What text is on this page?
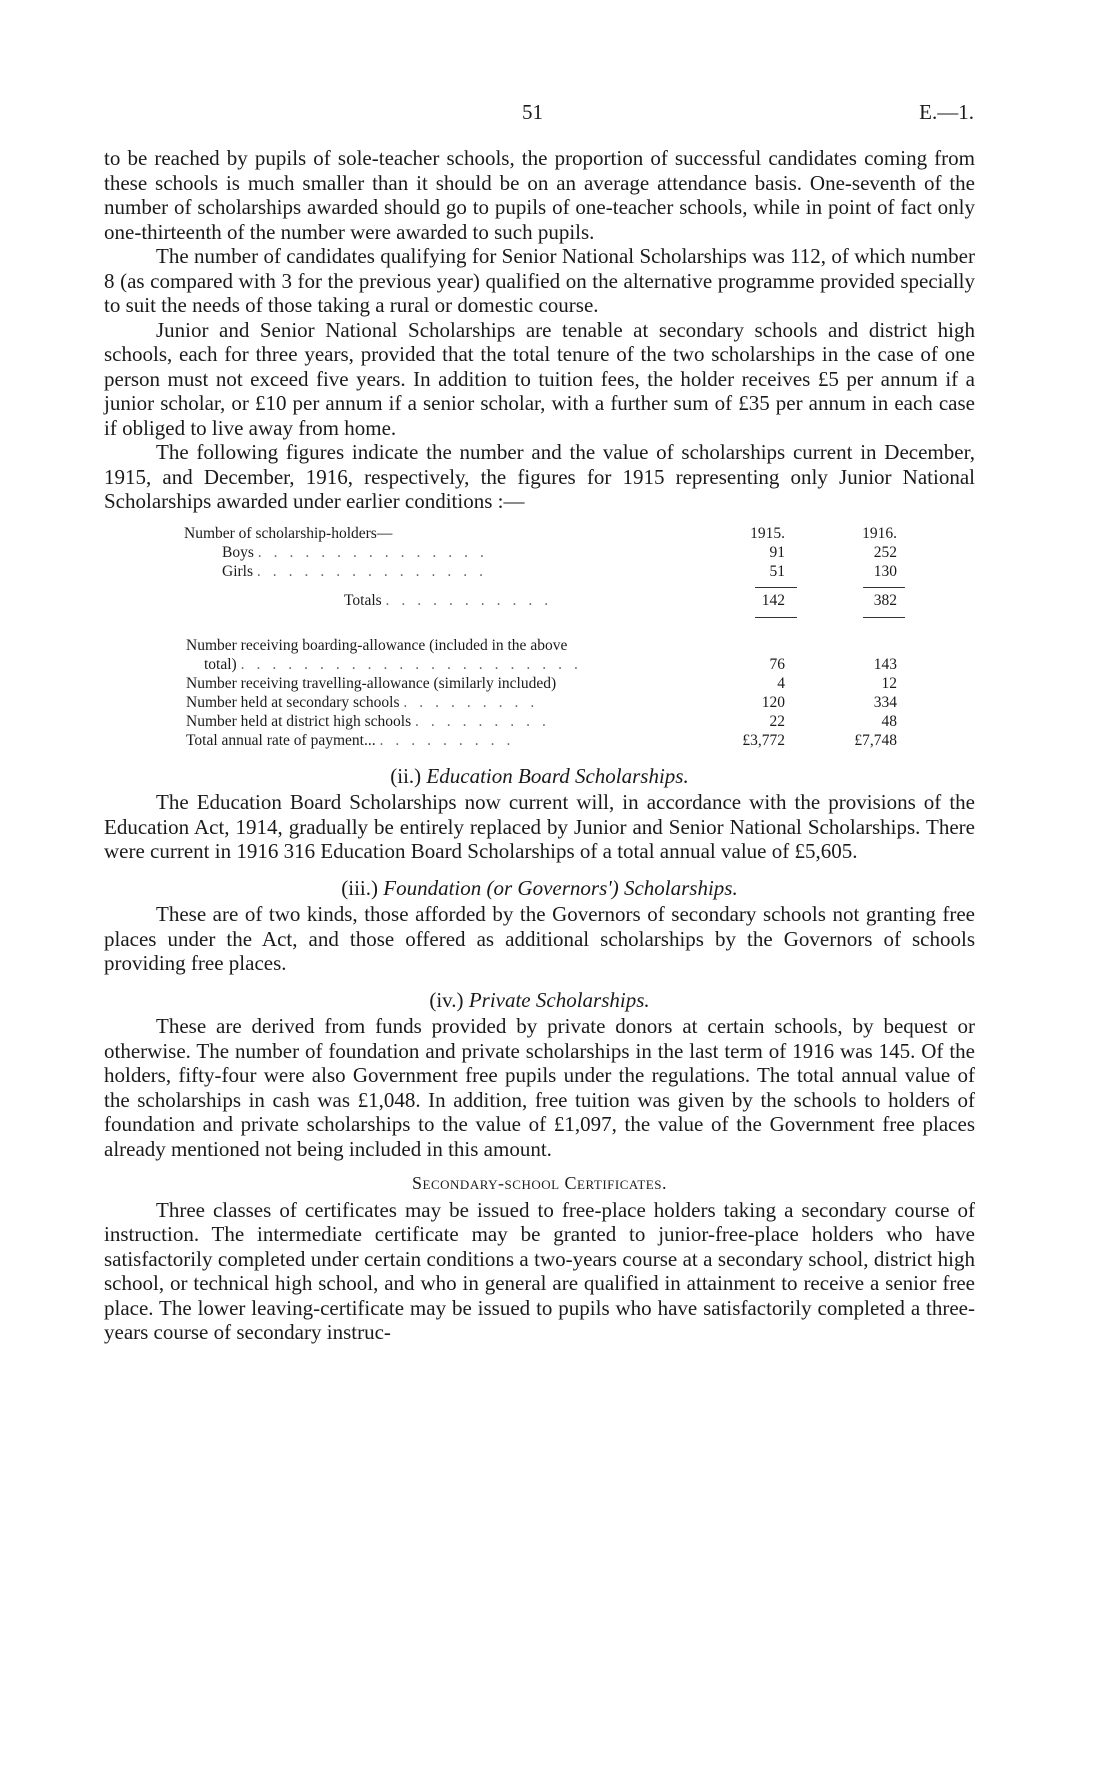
51	E.—1.

to be reached by pupils of sole-teacher schools, the proportion of successful candidates coming from these schools is much smaller than it should be on an average attendance basis. One-seventh of the number of scholarships awarded should go to pupils of one-teacher schools, while in point of fact only one-thirteenth of the number were awarded to such pupils.

The number of candidates qualifying for Senior National Scholarships was 112, of which number 8 (as compared with 3 for the previous year) qualified on the alternative programme provided specially to suit the needs of those taking a rural or domestic course.

Junior and Senior National Scholarships are tenable at secondary schools and district high schools, each for three years, provided that the total tenure of the two scholarships in the case of one person must not exceed five years. In addition to tuition fees, the holder receives £5 per annum if a junior scholar, or £10 per annum if a senior scholar, with a further sum of £35 per annum in each case if obliged to live away from home.

The following figures indicate the number and the value of scholarships current in December, 1915, and December, 1916, respectively, the figures for 1915 representing only Junior National Scholarships awarded under earlier conditions :—

Number of scholarship-holders—	1915.	1916.
Boys ...............	91	252
Girls ...............	51	130
Totals ...........	142	382
Number receiving boarding-allowance (included in the above
total) ......................	76	143
Number receiving travelling-allowance (similarly included)	4	12
Number held at secondary schools .........	120	334
Number held at district high schools .........	22	48
Total annual rate of payment... .........	£3,772	£7,748
(ii.) Education Board Scholarships.

The Education Board Scholarships now current will, in accordance with the provisions of the Education Act, 1914, gradually be entirely replaced by Junior and Senior National Scholarships. There were current in 1916 316 Education Board Scholarships of a total annual value of £5,605.

(iii.) Foundation (or Governors') Scholarships.

These are of two kinds, those afforded by the Governors of secondary schools not granting free places under the Act, and those offered as additional scholarships by the Governors of schools providing free places.

(iv.) Private Scholarships.

These are derived from funds provided by private donors at certain schools, by bequest or otherwise. The number of foundation and private scholarships in the last term of 1916 was 145. Of the holders, fifty-four were also Government free pupils under the regulations. The total annual value of the scholarships in cash was £1,048. In addition, free tuition was given by the schools to holders of foundation and private scholarships to the value of £1,097, the value of the Government free places already mentioned not being included in this amount.

Secondary-school Certificates.

Three classes of certificates may be issued to free-place holders taking a secondary course of instruction. The intermediate certificate may be granted to junior-free-place holders who have satisfactorily completed under certain conditions a two-years course at a secondary school, district high school, or technical high school, and who in general are qualified in attainment to receive a senior free place. The lower leaving-certificate may be issued to pupils who have satisfactorily completed a three-years course of secondary instruc-
